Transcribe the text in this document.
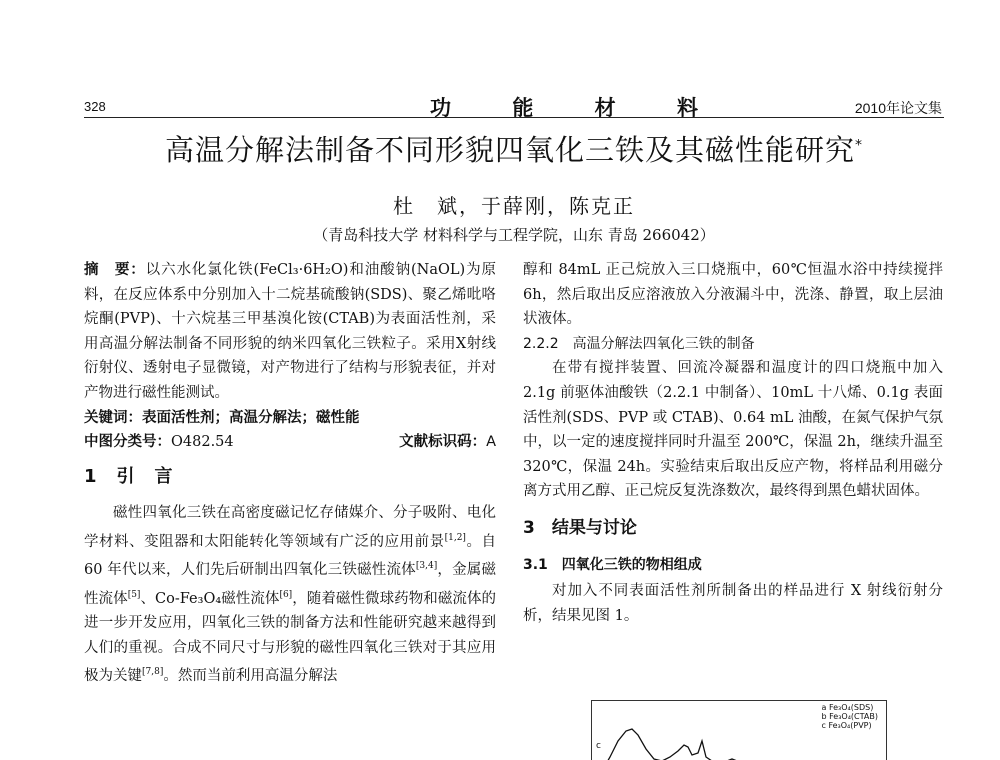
328	功	能	材	料	2010年论文集
高温分解法制备不同形貌四氧化三铁及其磁性能研究*
杜　斌，于薛刚，陈克正
（青岛科技大学 材料科学与工程学院，山东 青岛 266042）

摘　要：以六水化氯化铁(FeCl₃·6H₂O)和油酸钠(NaOL)为原料，在反应体系中分别加入十二烷基硫酸钠(SDS)、聚乙烯吡咯烷酮(PVP)、十六烷基三甲基溴化铵(CTAB)为表面活性剂，采用高温分解法制备不同形貌的纳米四氧化三铁粒子。采用X射线衍射仪、透射电子显微镜，对产物进行了结构与形貌表征，并对产物进行磁性能测试。

关键词：表面活性剂；高温分解法；磁性能

中图分类号：O482.54	文献标识码：A
1　引　言

磁性四氧化三铁在高密度磁记忆存储媒介、分子吸附、电化学材料、变阻器和太阳能转化等领域有广泛的应用前景[1,2]。自 60 年代以来，人们先后研制出四氧化三铁磁性流体[3,4]，金属磁性流体[5]、Co-Fe₃O₄磁性流体[6]，随着磁性微球药物和磁流体的进一步开发应用，四氧化三铁的制备方法和性能研究越来越得到人们的重视。合成不同尺寸与形貌的磁性四氧化三铁对于其应用极为关键[7,8]。然而当前利用高温分解法

醇和 84mL 正己烷放入三口烧瓶中，60℃恒温水浴中持续搅拌 6h，然后取出反应溶液放入分液漏斗中，洗涤、静置，取上层油状液体。

2.2.2　高温分解法四氧化三铁的制备

在带有搅拌装置、回流冷凝器和温度计的四口烧瓶中加入 2.1g 前驱体油酸铁（2.2.1 中制备）、10mL 十八烯、0.1g 表面活性剂(SDS、PVP 或 CTAB)、0.64 mL 油酸，在氮气保护气氛中，以一定的速度搅拌同时升温至 200℃，保温 2h，继续升温至 320℃，保温 24h。实验结束后取出反应产物，将样品利用磁分离方式用乙醇、正己烷反复洗涤数次，最终得到黑色蜡状固体。

3　结果与讨论
3.1　四氧化三铁的物相组成

对加入不同表面活性剂所制备出的样品进行 X 射线衍射分析，结果见图 1。

c
a Fe₃O₄(SDS)
b Fe₃O₄(CTAB)
c Fe₃O₄(PVP)
